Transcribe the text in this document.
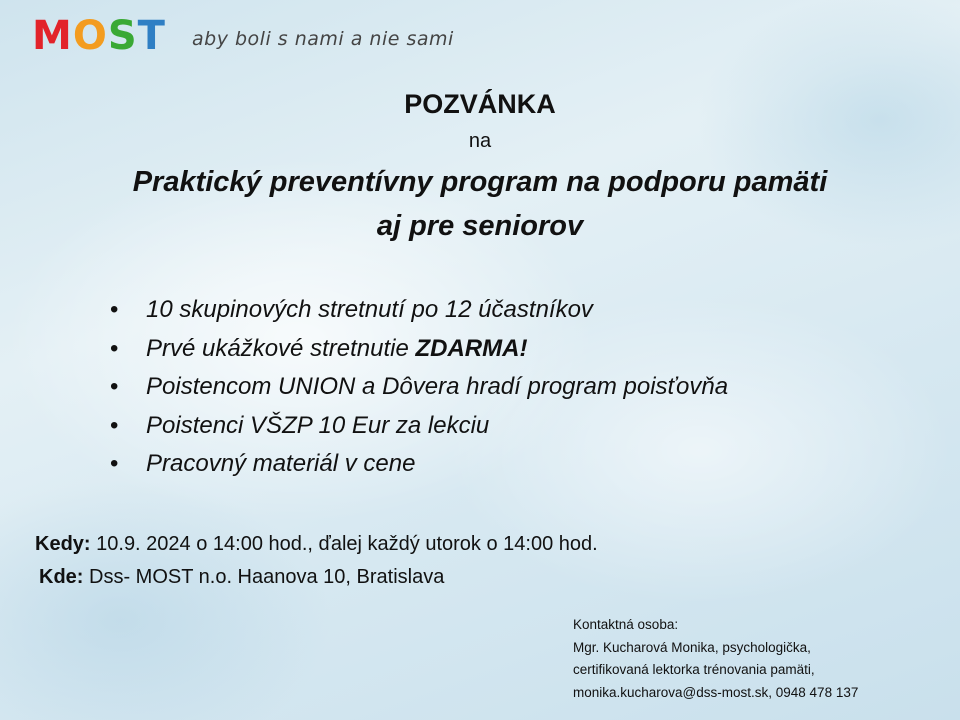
MOST aby boli s nami a nie sami
POZVÁNKA
na
Praktický preventívny program na podporu pamäti
aj pre seniorov
• 10 skupinových stretnutí po 12 účastníkov
• Prvé ukážkové stretnutie ZDARMA!
• Poistencom UNION a Dôvera hradí program poisťovňa
• Poistenci VŠZP 10 Eur za lekciu
• Pracovný materiál v cene
Kedy: 10.9. 2024 o 14:00 hod., ďalej každý utorok o 14:00 hod.
Kde: Dss- MOST n.o. Haanova 10, Bratislava
Kontaktná osoba:
Mgr. Kucharová Monika, psychologička,
certifikovaná lektorka trénovania pamäti,
monika.kucharova@dss-most.sk, 0948 478 137
